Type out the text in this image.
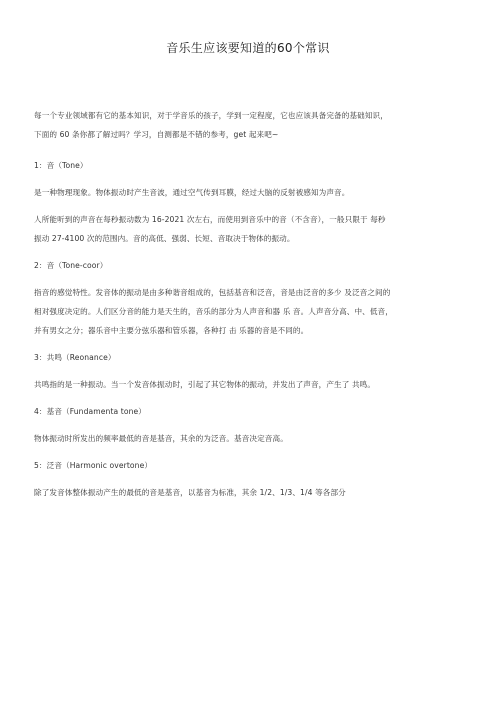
音乐生应该要知道的60个常识

每一个专业领域都有它的基本知识，对于学音乐的孩子，学到一定程度，它也应该具备完备的基础知识，

下面的 60 条你都了解过吗？学习，自测都是不错的参考，get 起来吧~

1：音（Tone）

是一种物理现象。物体振动时产生音波，通过空气传到耳膜，经过大脑的反射被感知为声音。

人所能听到的声音在每秒振动数为 16-2021 次左右，而使用到音乐中的音（不含音），一般只限于 每秒

振动 27-4100 次的范围内。音的高低、强弱、长短、音取决于物体的振动。

2：音（Tone-coor）

指音的感觉特性。发音体的振动是由多种谐音组成的，包括基音和泛音，音是由泛音的多少 及泛音之间的

相对强度决定的。人们区分音的能力是天生的，音乐的部分为人声音和器 乐 音。人声音分高、中、低音，

并有男女之分；器乐音中主要分弦乐器和管乐器，各种打 击 乐器的音是不同的。

3：共鸣（Reonance）

共鸣指的是一种振动。当一个发音体振动时，引起了其它物体的振动，并发出了声音，产生了 共鸣。

4：基音（Fundamenta tone）

物体振动时所发出的频率最低的音是基音，其余的为泛音。基音决定音高。

5：泛音（Harmonic overtone）

除了发音体整体振动产生的最低的音是基音，以基音为标准，其余 1/2、1/3、1/4 等各部分
